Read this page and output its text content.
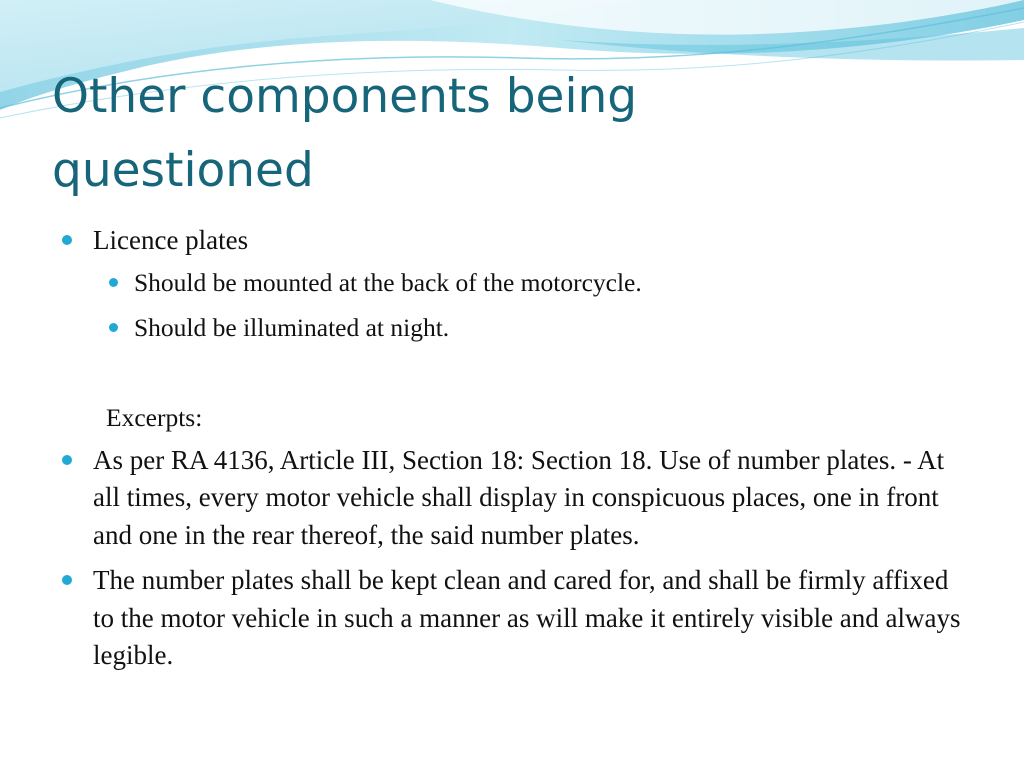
Other components being
questioned
Licence plates
Should be mounted at the back of the motorcycle.
Should be illuminated at night.
Excerpts:
As per RA 4136, Article III, Section 18: Section 18. Use of number plates. - At all times, every motor vehicle shall display in conspicuous places, one in front and one in the rear thereof, the said number plates.
The number plates shall be kept clean and cared for, and shall be firmly affixed to the motor vehicle in such a manner as will make it entirely visible and always legible.
